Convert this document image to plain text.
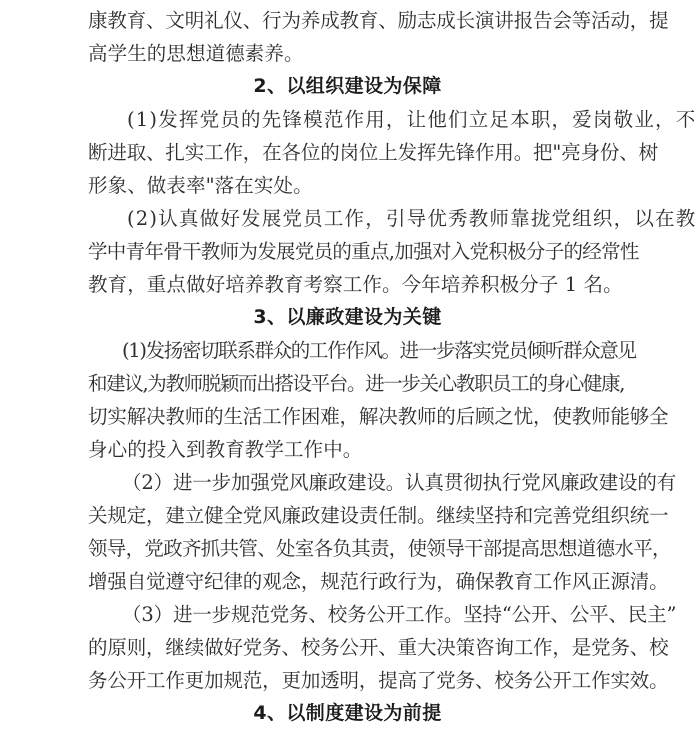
康教育、文明礼仪、行为养成教育、励志成长演讲报告会等活动，提
高学生的思想道德素养。
2、以组织建设为保障
(1)发挥党员的先锋模范作用，让他们立足本职，爱岗敬业，不
断进取、扎实工作，在各位的岗位上发挥先锋作用。把"亮身份、树
形象、做表率"落在实处。
(2)认真做好发展党员工作，引导优秀教师靠拢党组织，以在教
学中青年骨干教师为发展党员的重点,加强对入党积极分子的经常性
教育，重点做好培养教育考察工作。今年培养积极分子 1 名。
3、以廉政建设为关键
(1)发扬密切联系群众的工作作风。进一步落实党员倾听群众意见
和建议,为教师脱颖而出搭设平台。进一步关心教职员工的身心健康,
切实解决教师的生活工作困难，解决教师的后顾之忧，使教师能够全
身心的投入到教育教学工作中。
（2）进一步加强党风廉政建设。认真贯彻执行党风廉政建设的有
关规定，建立健全党风廉政建设责任制。继续坚持和完善党组织统一
领导，党政齐抓共管、处室各负其责，使领导干部提高思想道德水平，
增强自觉遵守纪律的观念，规范行政行为，确保教育工作风正源清。
（3）进一步规范党务、校务公开工作。坚持“公开、公平、民主”
的原则，继续做好党务、校务公开、重大决策咨询工作，是党务、校
务公开工作更加规范，更加透明，提高了党务、校务公开工作实效。
4、以制度建设为前提
